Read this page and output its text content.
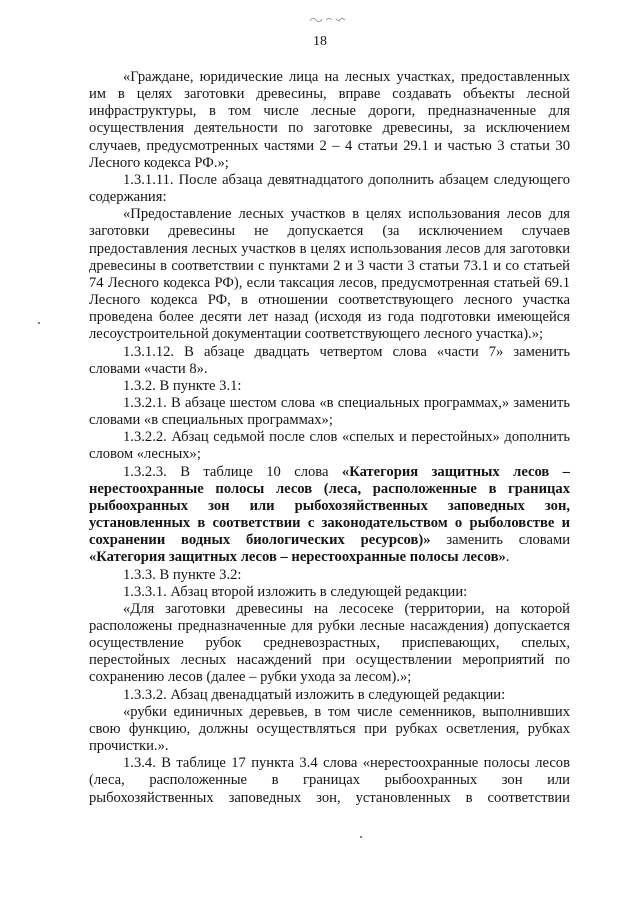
18

«Граждане, юридические лица на лесных участках, предоставленных им в целях заготовки древесины, вправе создавать объекты лесной инфраструктуры, в том числе лесные дороги, предназначенные для осуществления деятельности по заготовке древесины, за исключением случаев, предусмотренных частями 2 – 4 статьи 29.1 и частью 3 статьи 30 Лесного кодекса РФ.»;

1.3.1.11. После абзаца девятнадцатого дополнить абзацем следующего содержания:

«Предоставление лесных участков в целях использования лесов для заготовки древесины не допускается (за исключением случаев предоставления лесных участков в целях использования лесов для заготовки древесины в соответствии с пунктами 2 и 3 части 3 статьи 73.1 и со статьей 74 Лесного кодекса РФ), если таксация лесов, предусмотренная статьей 69.1 Лесного кодекса РФ, в отношении соответствующего лесного участка проведена более десяти лет назад (исходя из года подготовки имеющейся лесоустроительной документации соответствующего лесного участка).»;

1.3.1.12. В абзаце двадцать четвертом слова «части 7» заменить словами «части 8».

1.3.2. В пункте 3.1:

1.3.2.1. В абзаце шестом слова «в специальных программах,» заменить словами «в специальных программах»;

1.3.2.2. Абзац седьмой после слов «спелых и перестойных» дополнить словом «лесных»;

1.3.2.3. В таблице 10 слова «Категория защитных лесов – нерестоохранные полосы лесов (леса, расположенные в границах рыбоохранных зон или рыбохозяйственных заповедных зон, установленных в соответствии с законодательством о рыболовстве и сохранении водных биологических ресурсов)» заменить словами «Категория защитных лесов – нерестоохранные полосы лесов».

1.3.3. В пункте 3.2:

1.3.3.1. Абзац второй изложить в следующей редакции:

«Для заготовки древесины на лесосеке (территории, на которой расположены предназначенные для рубки лесные насаждения) допускается осуществление рубок средневозрастных, приспевающих, спелых, перестойных лесных насаждений при осуществлении мероприятий по сохранению лесов (далее – рубки ухода за лесом).»;

1.3.3.2. Абзац двенадцатый изложить в следующей редакции:

«рубки единичных деревьев, в том числе семенников, выполнивших свою функцию, должны осуществляться при рубках осветления, рубках прочистки.».

1.3.4. В таблице 17 пункта 3.4 слова «нерестоохранные полосы лесов (леса, расположенные в границах рыбоохранных зон или рыбохозяйственных заповедных зон, установленных в соответствии
